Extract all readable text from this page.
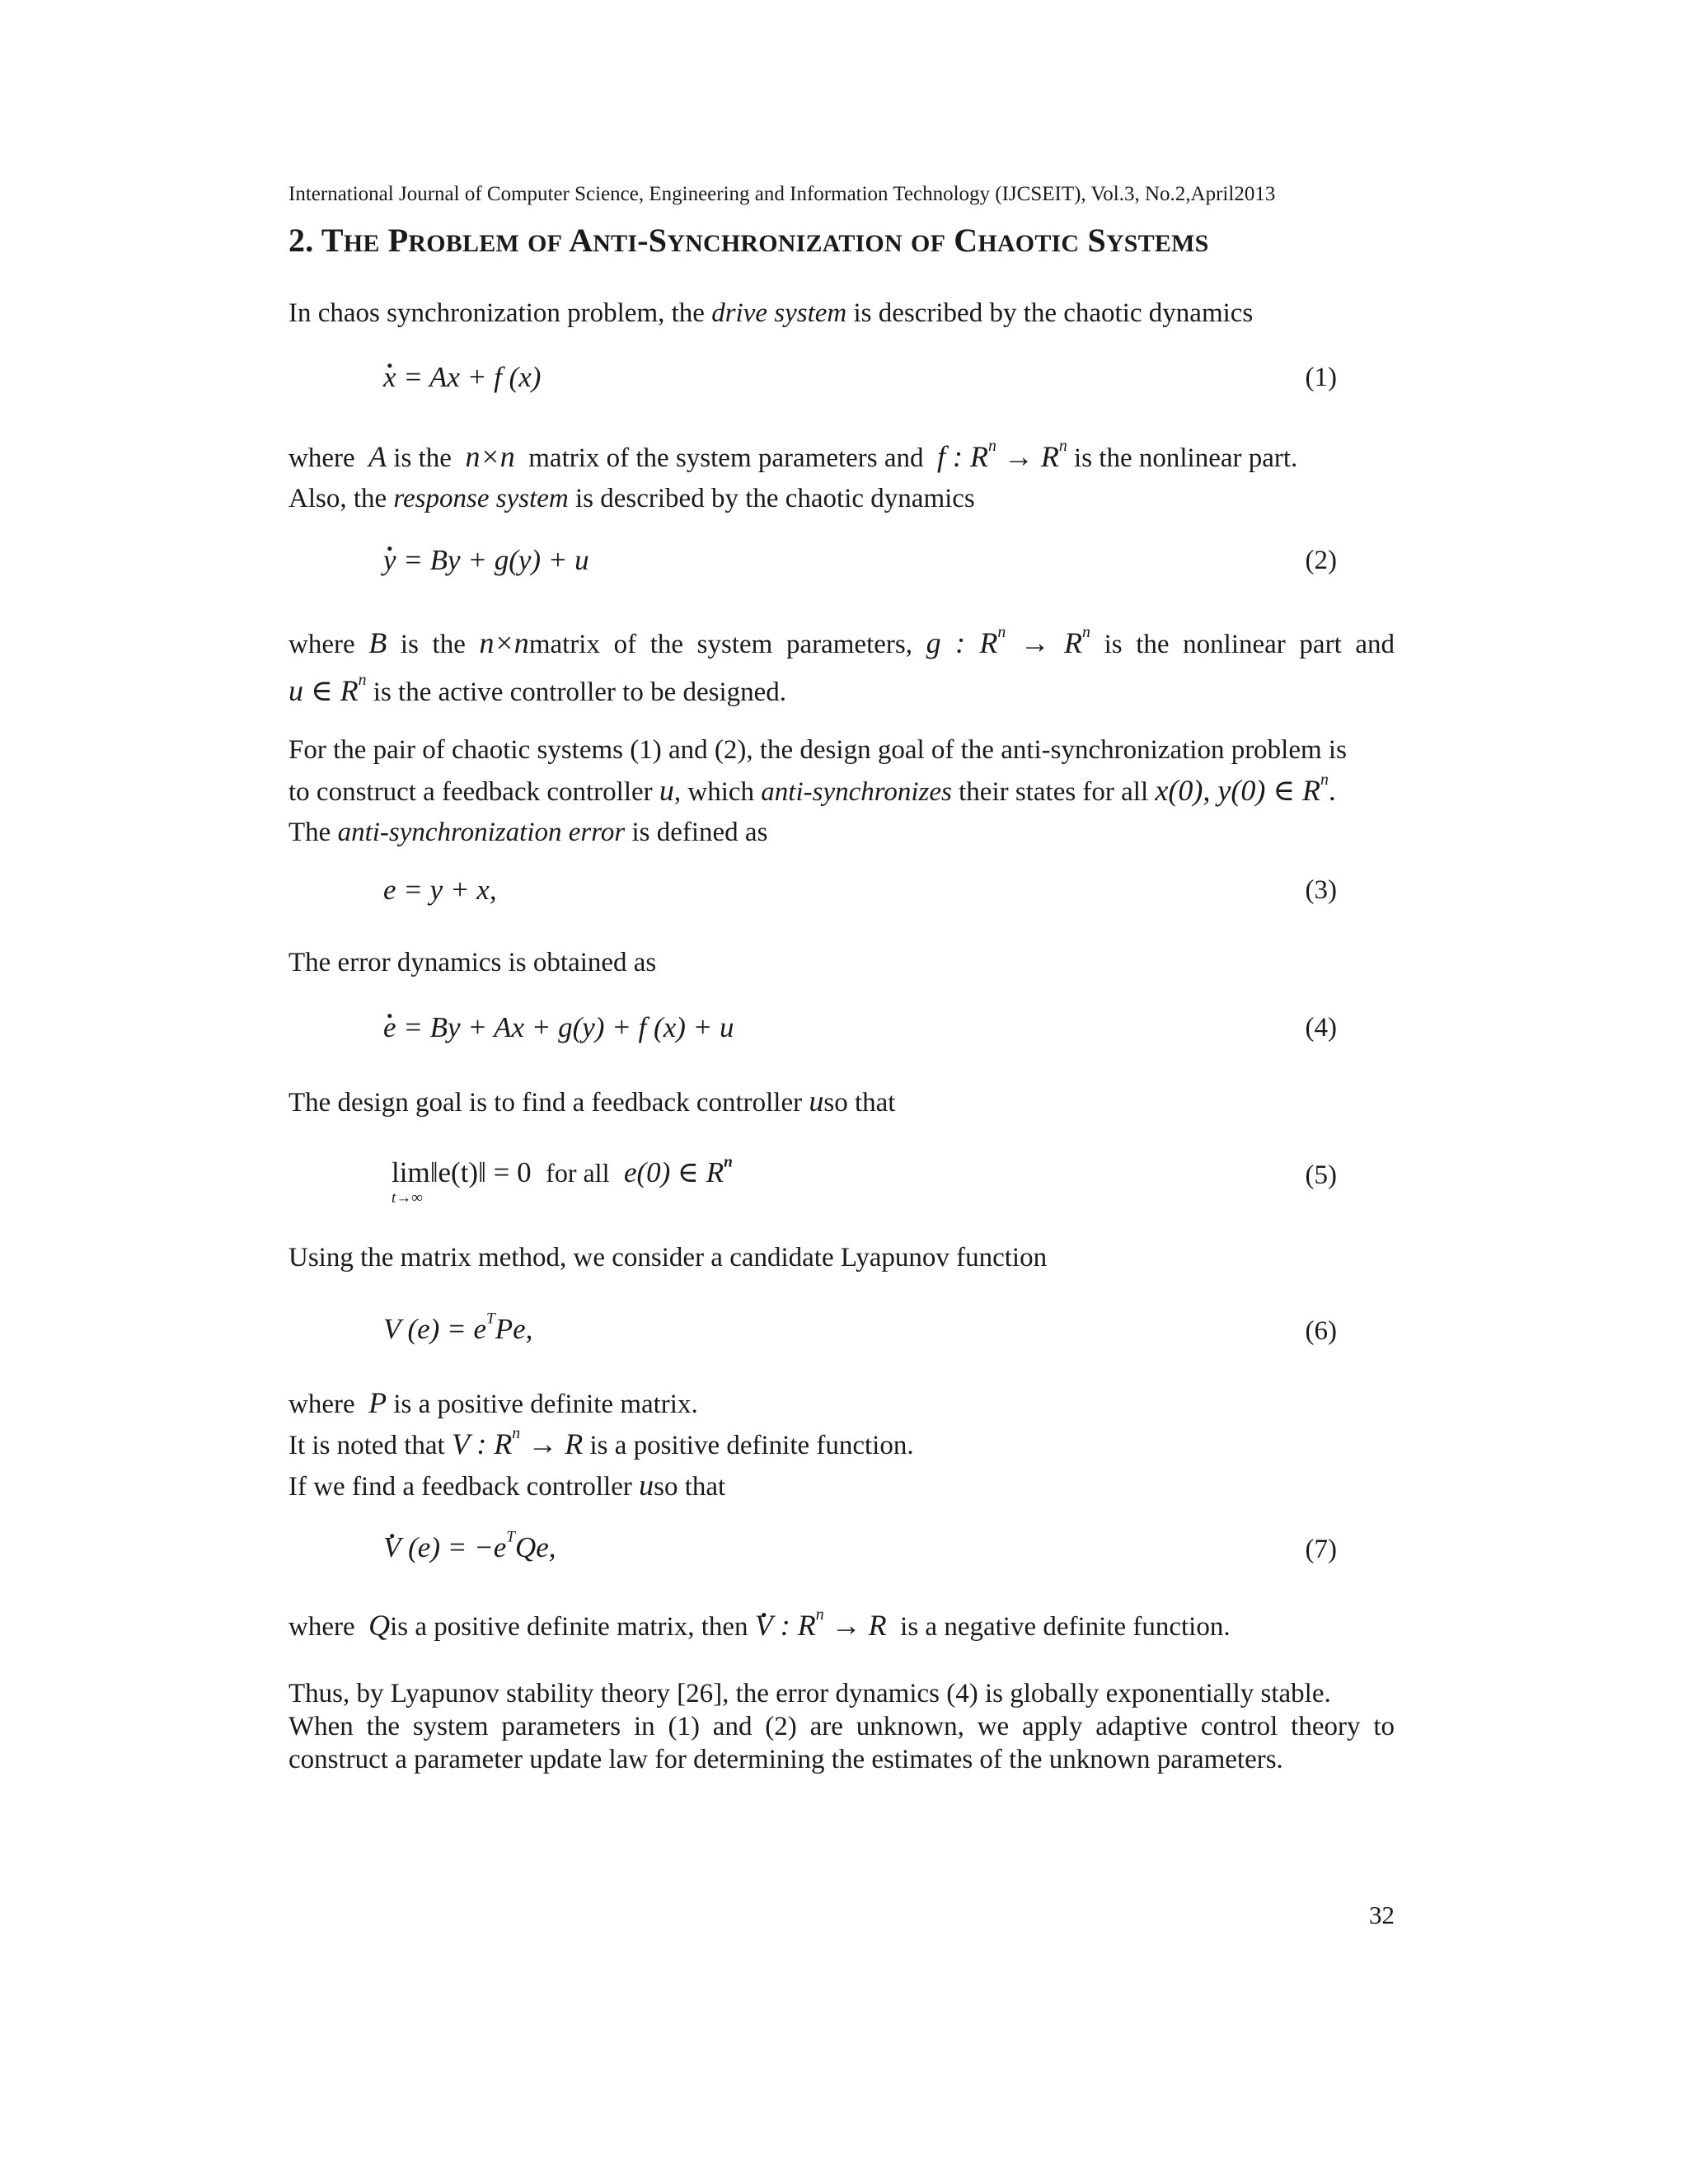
International Journal of Computer Science, Engineering and Information Technology (IJCSEIT), Vol.3, No.2,April2013
2. THE PROBLEM OF ANTI-SYNCHRONIZATION OF CHAOTIC SYSTEMS
In chaos synchronization problem, the drive system is described by the chaotic dynamics
. x = Ax + f (x)	(1)

where A is the n×n matrix of the system parameters and f : $R^n \to R^n$ is the nonlinear part.

Also, the response system is described by the chaotic dynamics

. y = By + g(y) + u	(2)

where B is the n×nmatrix of the system parameters, g : $R^n \to R^n$ is the nonlinear part and

u ∈ $R^n$ is the active controller to be designed.

For the pair of chaotic systems (1) and (2), the design goal of the anti-synchronization problem is

to construct a feedback controller u, which anti-synchronizes their states for all x(0), y(0) ∈ $R^n$.

The anti-synchronization error is defined as

e = y + x,	(3)
The error dynamics is obtained as
. e = By + Ax + g(y) + f (x) + u	(4)
The design goal is to find a feedback controller uso that
lim
t→∞
‖e(t)‖ = 0 for all e(0) ∈ $R^n$	(5)
Using the matrix method, we consider a candidate Lyapunov function
V $(e) = e^TPe$,	(6)

where P is a positive definite matrix.

It is noted that V : $R^n \to R$ is a positive definite function.

If we find a feedback controller uso that

. V $(e) = -e^TQe$,	(7)
where Qis a positive definite matrix, then . V : $R^n \to R$ is a negative definite function.

Thus, by Lyapunov stability theory [26], the error dynamics (4) is globally exponentially stable.

When the system parameters in (1) and (2) are unknown, we apply adaptive control theory to

construct a parameter update law for determining the estimates of the unknown parameters.

32
